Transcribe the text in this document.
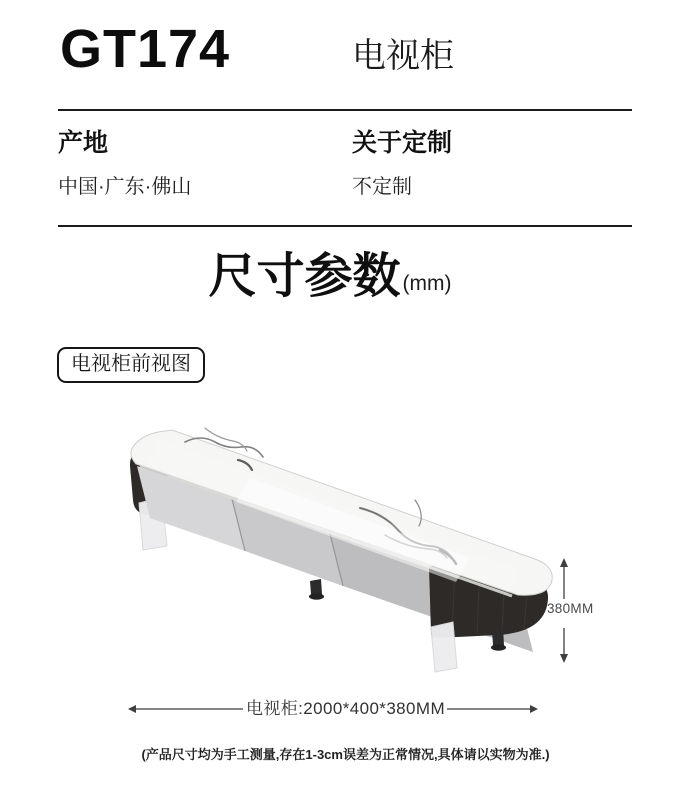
GT174	电视柜
产地	关于定制
中国·广东·佛山	不定制
尺寸参数 (mm)
电视柜前视图
380MM
电视柜:2000*400*380MM
(产品尺寸均为手工测量,存在1-3cm误差为正常情况,具体请以实物为准.)
